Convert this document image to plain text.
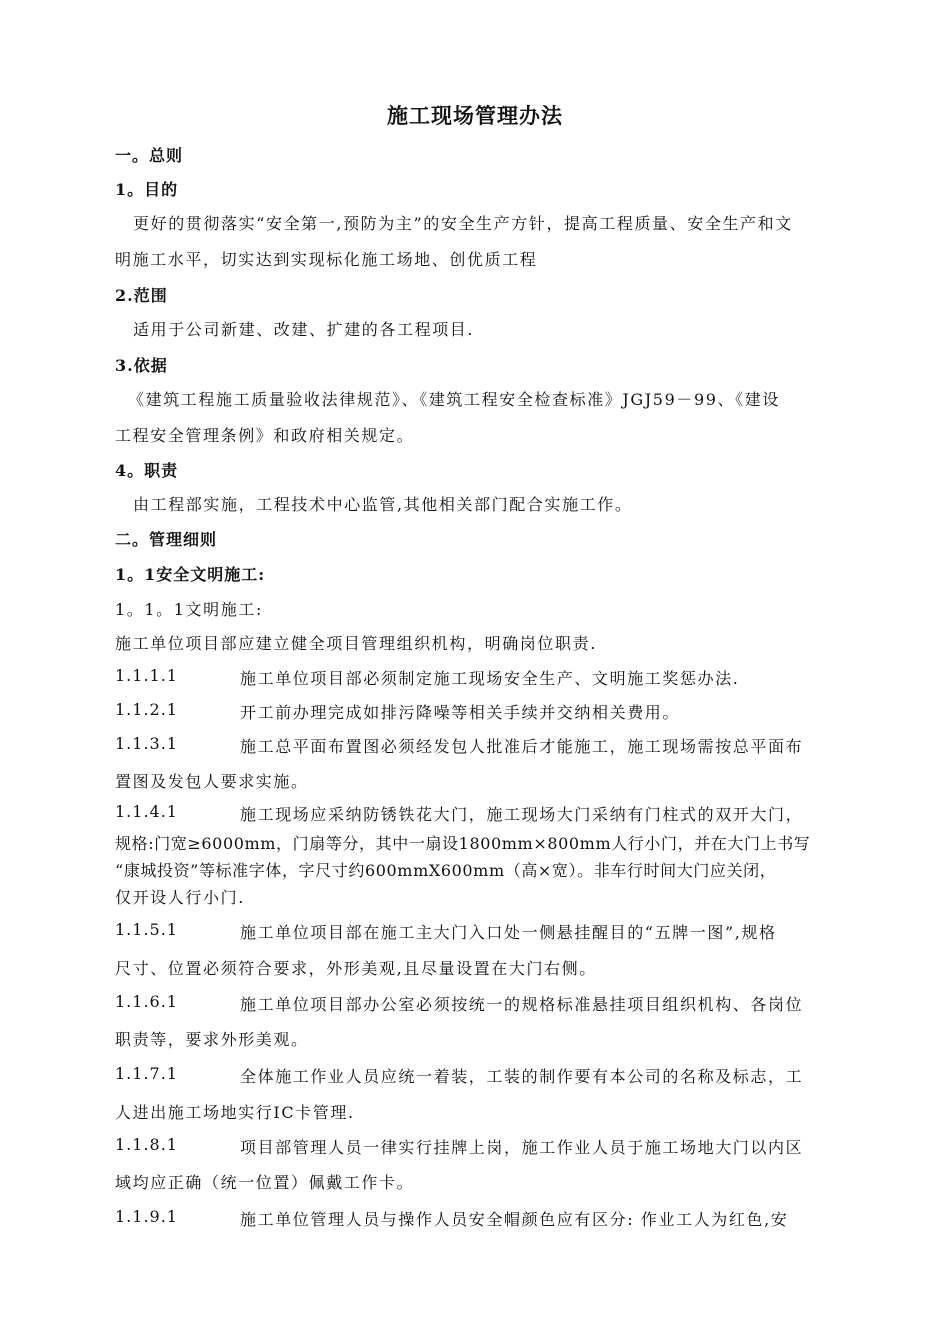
施工现场管理办法
一。总则
1。目的
更好的贯彻落实“安全第一,预防为主”的安全生产方针，提高工程质量、安全生产和文
明施工水平，切实达到实现标化施工场地、创优质工程
2.范围
适用于公司新建、改建、扩建的各工程项目.
3.依据
《建筑工程施工质量验收法律规范》、《建筑工程安全检查标准》JGJ59－99、《建设
工程安全管理条例》和政府相关规定。
4。职责
由工程部实施，工程技术中心监管,其他相关部门配合实施工作。
二。管理细则
1。1安全文明施工:
1。1。1文明施工:
施工单位项目部应建立健全项目管理组织机构，明确岗位职责.
1.1.1.1	施工单位项目部必须制定施工现场安全生产、文明施工奖惩办法.
1.1.2.1	开工前办理完成如排污降噪等相关手续并交纳相关费用。
1.1.3.1	施工总平面布置图必须经发包人批准后才能施工，施工现场需按总平面布
置图及发包人要求实施。
1.1.4.1	施工现场应采纳防锈铁花大门，施工现场大门采纳有门柱式的双开大门，
规格:门宽≥6000mm，门扇等分，其中一扇设1800mm×800mm人行小门，并在大门上书写
“康城投资”等标准字体，字尺寸约600mmX600mm（高×宽）。非车行时间大门应关闭，
仅开设人行小门.
1.1.5.1	施工单位项目部在施工主大门入口处一侧悬挂醒目的“五牌一图”,规格
尺寸、位置必须符合要求，外形美观,且尽量设置在大门右侧。
1.1.6.1	施工单位项目部办公室必须按统一的规格标准悬挂项目组织机构、各岗位
职责等，要求外形美观。
1.1.7.1	全体施工作业人员应统一着装，工装的制作要有本公司的名称及标志，工
人进出施工场地实行IC卡管理.
1.1.8.1	项目部管理人员一律实行挂牌上岗，施工作业人员于施工场地大门以内区
域均应正确（统一位置）佩戴工作卡。
1.1.9.1	施工单位管理人员与操作人员安全帽颜色应有区分: 作业工人为红色,安
